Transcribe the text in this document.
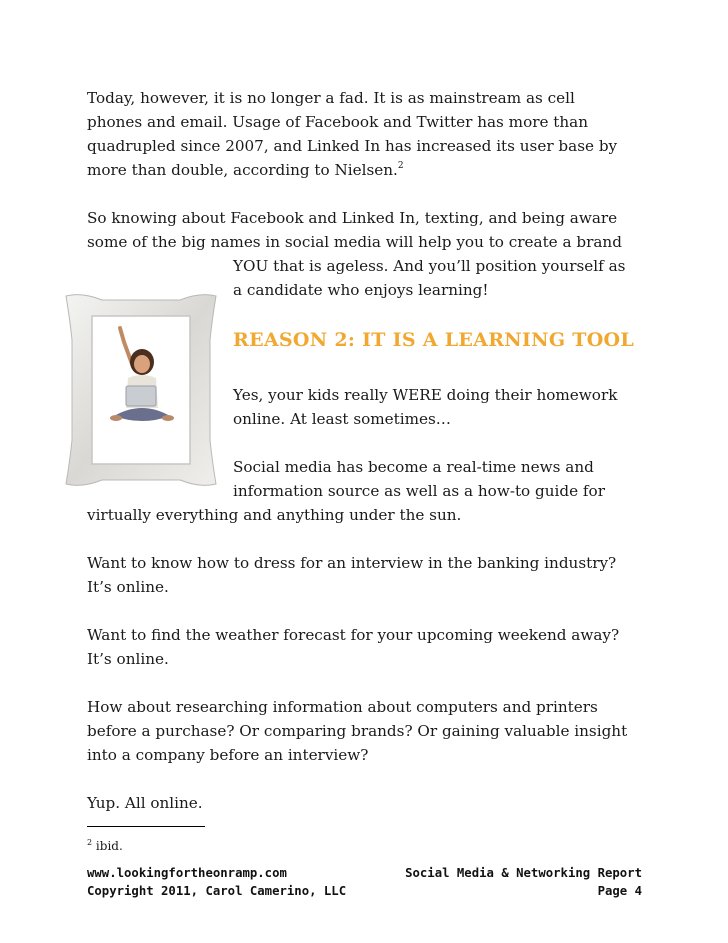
Today, however, it is no longer a fad. It is as mainstream as cell
phones and email. Usage of Facebook and Twitter has more than
quadrupled since 2007, and Linked In has increased its user base by
more than double, according to Nielsen.$^2$
So knowing about Facebook and Linked In, texting, and being aware
some of the big names in social media will help you to create a brand
YOU that is ageless. And you’ll position yourself as
a candidate who enjoys learning!
REASON 2: IT IS A LEARNING TOOL
Yes, your kids really WERE doing their homework
online. At least sometimes…
Social media has become a real-time news and
information source as well as a how-to guide for
virtually everything and anything under the sun.
Want to know how to dress for an interview in the banking industry?
It’s online.
Want to find the weather forecast for your upcoming weekend away?
It’s online.
How about researching information about computers and printers
before a purchase? Or comparing brands? Or gaining valuable insight
into a company before an interview?
Yup. All online.
$^2$ ibid.
www.lookingfortheonramp.com
Copyright 2011, Carol Camerino, LLC
Social Media & Networking Report
Page 4
